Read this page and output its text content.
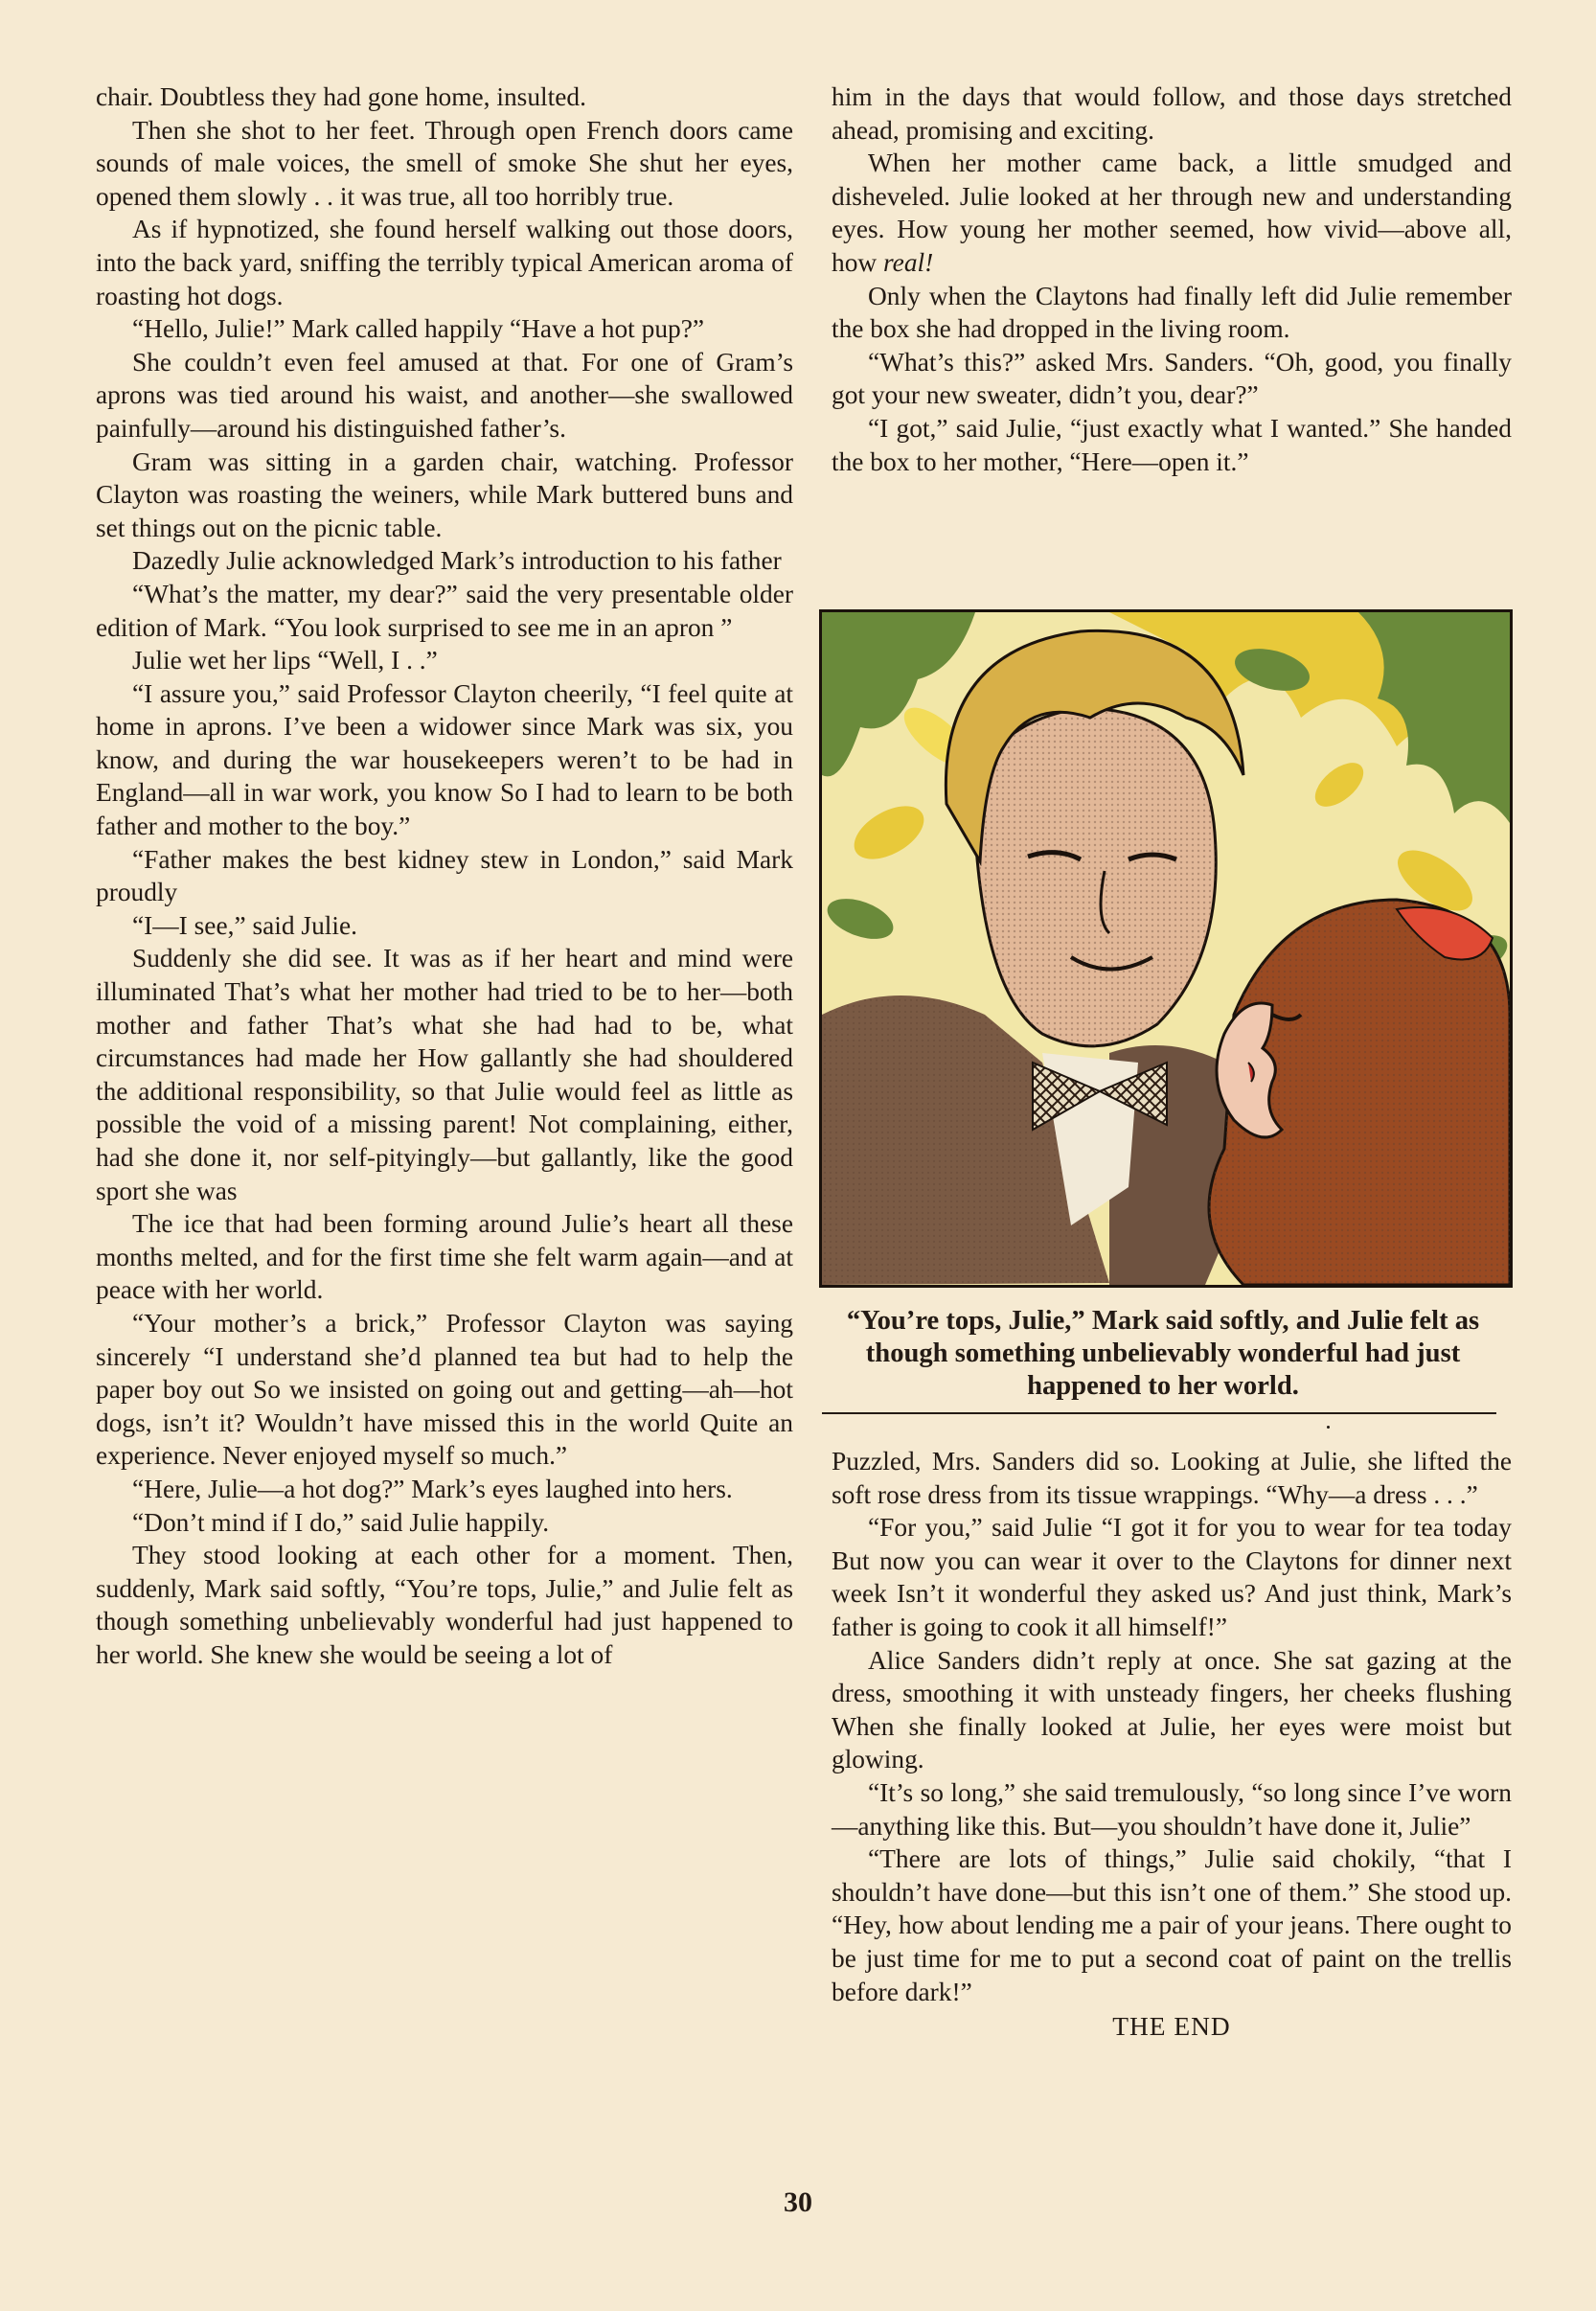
chair. Doubtless they had gone home, insulted.

Then she shot to her feet. Through open French doors came sounds of male voices, the smell of smoke She shut her eyes, opened them slowly . . it was true, all too horribly true.

As if hypnotized, she found herself walking out those doors, into the back yard, sniffing the terribly typical American aroma of roasting hot dogs.

“Hello, Julie!” Mark called happily “Have a hot pup?”

She couldn’t even feel amused at that. For one of Gram’s aprons was tied around his waist, and another—she swallowed painfully—around his distinguished father’s.

Gram was sitting in a garden chair, watching. Professor Clayton was roasting the weiners, while Mark buttered buns and set things out on the picnic table.

Dazedly Julie acknowledged Mark’s introduction to his father

“What’s the matter, my dear?” said the very presentable older edition of Mark. “You look surprised to see me in an apron ”

Julie wet her lips “Well, I . .”

“I assure you,” said Professor Clayton cheerily, “I feel quite at home in aprons. I’ve been a widower since Mark was six, you know, and during the war housekeepers weren’t to be had in England—all in war work, you know So I had to learn to be both father and mother to the boy.”

“Father makes the best kidney stew in London,” said Mark proudly

“I—I see,” said Julie.

Suddenly she did see. It was as if her heart and mind were illuminated That’s what her mother had tried to be to her—both mother and father That’s what she had had to be, what circumstances had made her How gallantly she had shouldered the additional responsibility, so that Julie would feel as little as possible the void of a missing parent! Not complaining, either, had she done it, nor self-pityingly—but gallantly, like the good sport she was

The ice that had been forming around Julie’s heart all these months melted, and for the first time she felt warm again—and at peace with her world.

“Your mother’s a brick,” Professor Clayton was saying sincerely “I understand she’d planned tea but had to help the paper boy out So we insisted on going out and getting—ah—hot dogs, isn’t it? Wouldn’t have missed this in the world Quite an experience. Never enjoyed myself so much.”

“Here, Julie—a hot dog?” Mark’s eyes laughed into hers.

“Don’t mind if I do,” said Julie happily.

They stood looking at each other for a moment. Then, suddenly, Mark said softly, “You’re tops, Julie,” and Julie felt as though something unbelievably wonderful had just happened to her world. She knew she would be seeing a lot of

him in the days that would follow, and those days stretched ahead, promising and exciting.

When her mother came back, a little smudged and disheveled. Julie looked at her through new and understanding eyes. How young her mother seemed, how vivid—above all, how real!

Only when the Claytons had finally left did Julie remember the box she had dropped in the living room.

“What’s this?” asked Mrs. Sanders. “Oh, good, you finally got your new sweater, didn’t you, dear?”

“I got,” said Julie, “just exactly what I wanted.” She handed the box to her mother, “Here—open it.”

“You’re tops, Julie,” Mark said softly, and Julie felt as though something unbelievably wonderful had just happened to her world.

Puzzled, Mrs. Sanders did so. Looking at Julie, she lifted the soft rose dress from its tissue wrappings. “Why—a dress . . .”

“For you,” said Julie “I got it for you to wear for tea today But now you can wear it over to the Claytons for dinner next week Isn’t it wonderful they asked us? And just think, Mark’s father is going to cook it all himself!”

Alice Sanders didn’t reply at once. She sat gazing at the dress, smoothing it with unsteady fingers, her cheeks flushing When she finally looked at Julie, her eyes were moist but glowing.

“It’s so long,” she said tremulously, “so long since I’ve worn—anything like this. But—you shouldn’t have done it, Julie”

“There are lots of things,” Julie said chokily, “that I shouldn’t have done—but this isn’t one of them.” She stood up. “Hey, how about lending me a pair of your jeans. There ought to be just time for me to put a second coat of paint on the trellis before dark!”

THE END

30
